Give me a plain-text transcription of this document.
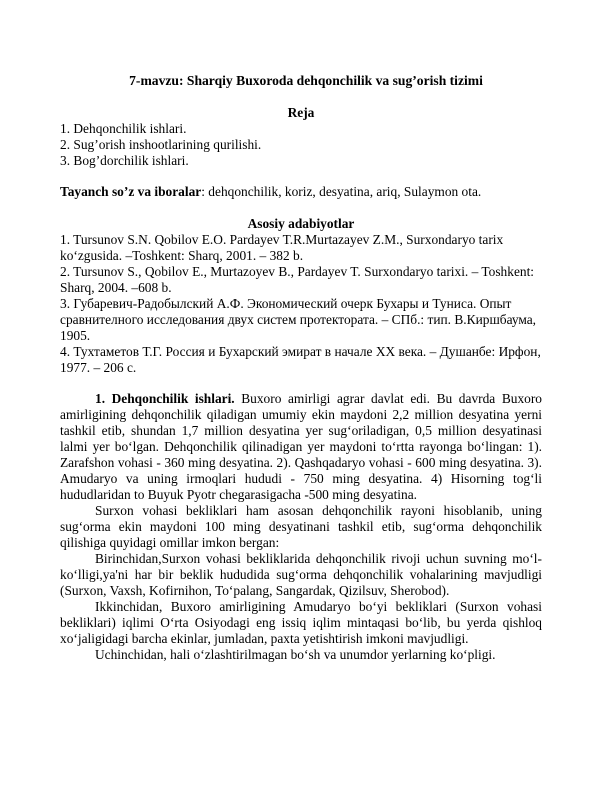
7-mavzu: Sharqiy Buxoroda dehqonchilik va sug’orish tizimi
Reja
1. Dehqonchilik ishlari.
2. Sug’orish inshootlarining qurilishi.
3. Bog’dorchilik ishlari.
Tayanch so’z va iboralar: dehqonchilik, koriz, desyatina, ariq, Sulaymon ota.
Asosiy adabiyotlar
1. Tursunov S.N. Qobilov E.O. Pardayev T.R.Murtazayev Z.M., Surxondaryo tarix ko‘zgusida. –Toshkent: Sharq, 2001. – 382 b.
2. Tursunov S., Qobilov E., Murtazoyev B., Pardayev T. Surxondaryo tarixi. – Toshkent: Sharq, 2004. –608 b.
3. Губаревич-Радобылский А.Ф. Экономический очерк Бухары и Туниса. Опыт сравнителного исследования двух систем протектората. – СПб.: тип. В.Киршбаума, 1905.
4. Тухтаметов Т.Г. Россия и Бухарский эмират в начале XX века. – Душанбе: Ирфон, 1977. – 206 с.

1. Dehqonchilik ishlari. Buxoro amirligi agrar davlat edi. Bu davrda Buxoro amirligining dehqonchilik qiladigan umumiy ekin maydoni 2,2 million desyatina yerni tashkil etib, shundan 1,7 million desyatina yer sug‘oriladigan, 0,5 million desyatinasi lalmi yer bo‘lgan. Dehqonchilik qilinadigan yer maydoni to‘rtta rayonga bo‘lingan: 1). Zarafshon vohasi - 360 ming desyatina. 2). Qashqadaryo vohasi - 600 ming desyatina. 3). Amudaryo va uning irmoqlari hududi - 750 ming desyatina. 4) Hisorning tog‘li hududlaridan to Buyuk Pyotr chegarasigacha -500 ming desyatina.

Surxon vohasi bekliklari ham asosan dehqonchilik rayoni hisoblanib, uning sug‘orma ekin maydoni 100 ming desyatinani tashkil etib, sug‘orma dehqonchilik qilishiga quyidagi omillar imkon bergan:

Birinchidan,Surxon vohasi bekliklarida dehqonchilik rivoji uchun suvning mo‘l-ko‘lligi,ya'ni har bir beklik hududida sug‘orma dehqonchilik vohalarining mavjudligi (Surxon, Vaxsh, Kofirnihon, To‘palang, Sangardak, Qizilsuv, Sherobod).

Ikkinchidan, Buxoro amirligining Amudaryo bo‘yi bekliklari (Surxon vohasi bekliklari) iqlimi O‘rta Osiyodagi eng issiq iqlim mintaqasi bo‘lib, bu yerda qishloq xo‘jaligidagi barcha ekinlar, jumladan, paxta yetishtirish imkoni mavjudligi.

Uchinchidan, hali o‘zlashtirilmagan bo‘sh va unumdor yerlarning ko‘pligi.
